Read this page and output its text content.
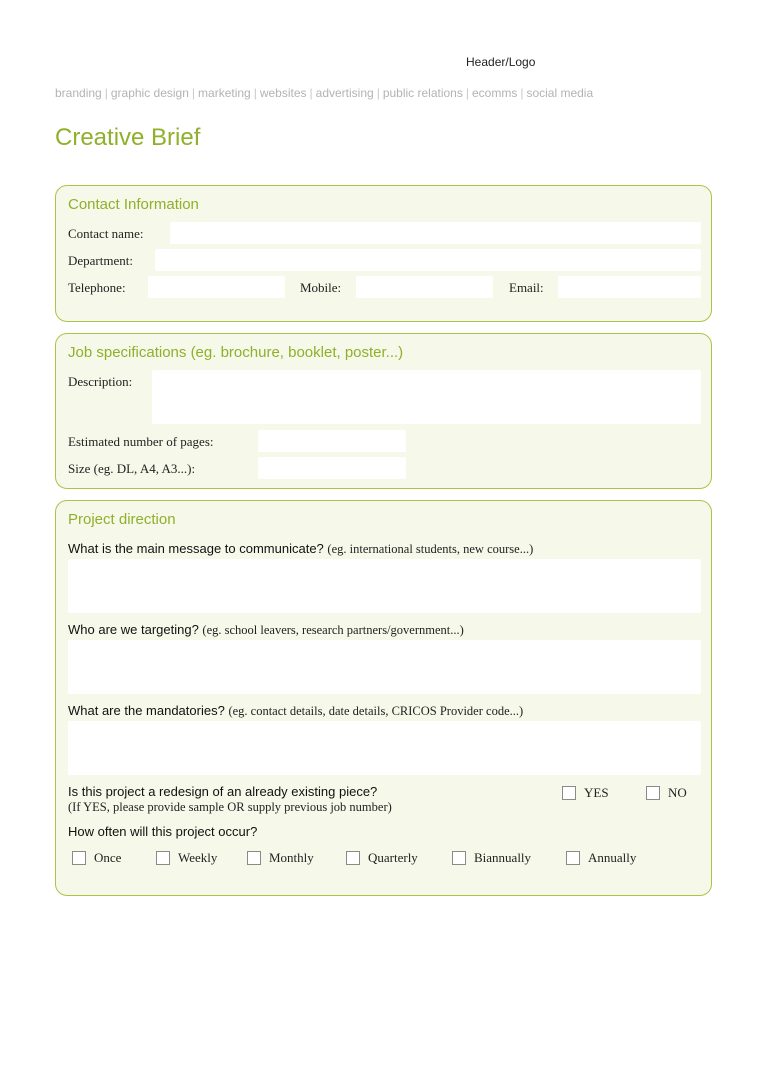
Header/Logo
branding | graphic design | marketing | websites | advertising | public relations | ecomms | social media
Creative Brief
Contact Information
Contact name:
Department:
Telephone:	Mobile:	Email:
Job specifications (eg. brochure, booklet, poster...)
Description:
Estimated number of pages:
Size (eg. DL, A4, A3...):
Project direction
What is the main message to communicate? (eg. international students, new course...)
Who are we targeting? (eg. school leavers, research partners/government...)
What are the mandatories? (eg. contact details, date details, CRICOS Provider code...)
Is this project a redesign of an already existing piece?
(If YES, please provide sample OR supply previous job number)
YES	NO
How often will this project occur?
Once	Weekly	Monthly	Quarterly	Biannually	Annually
